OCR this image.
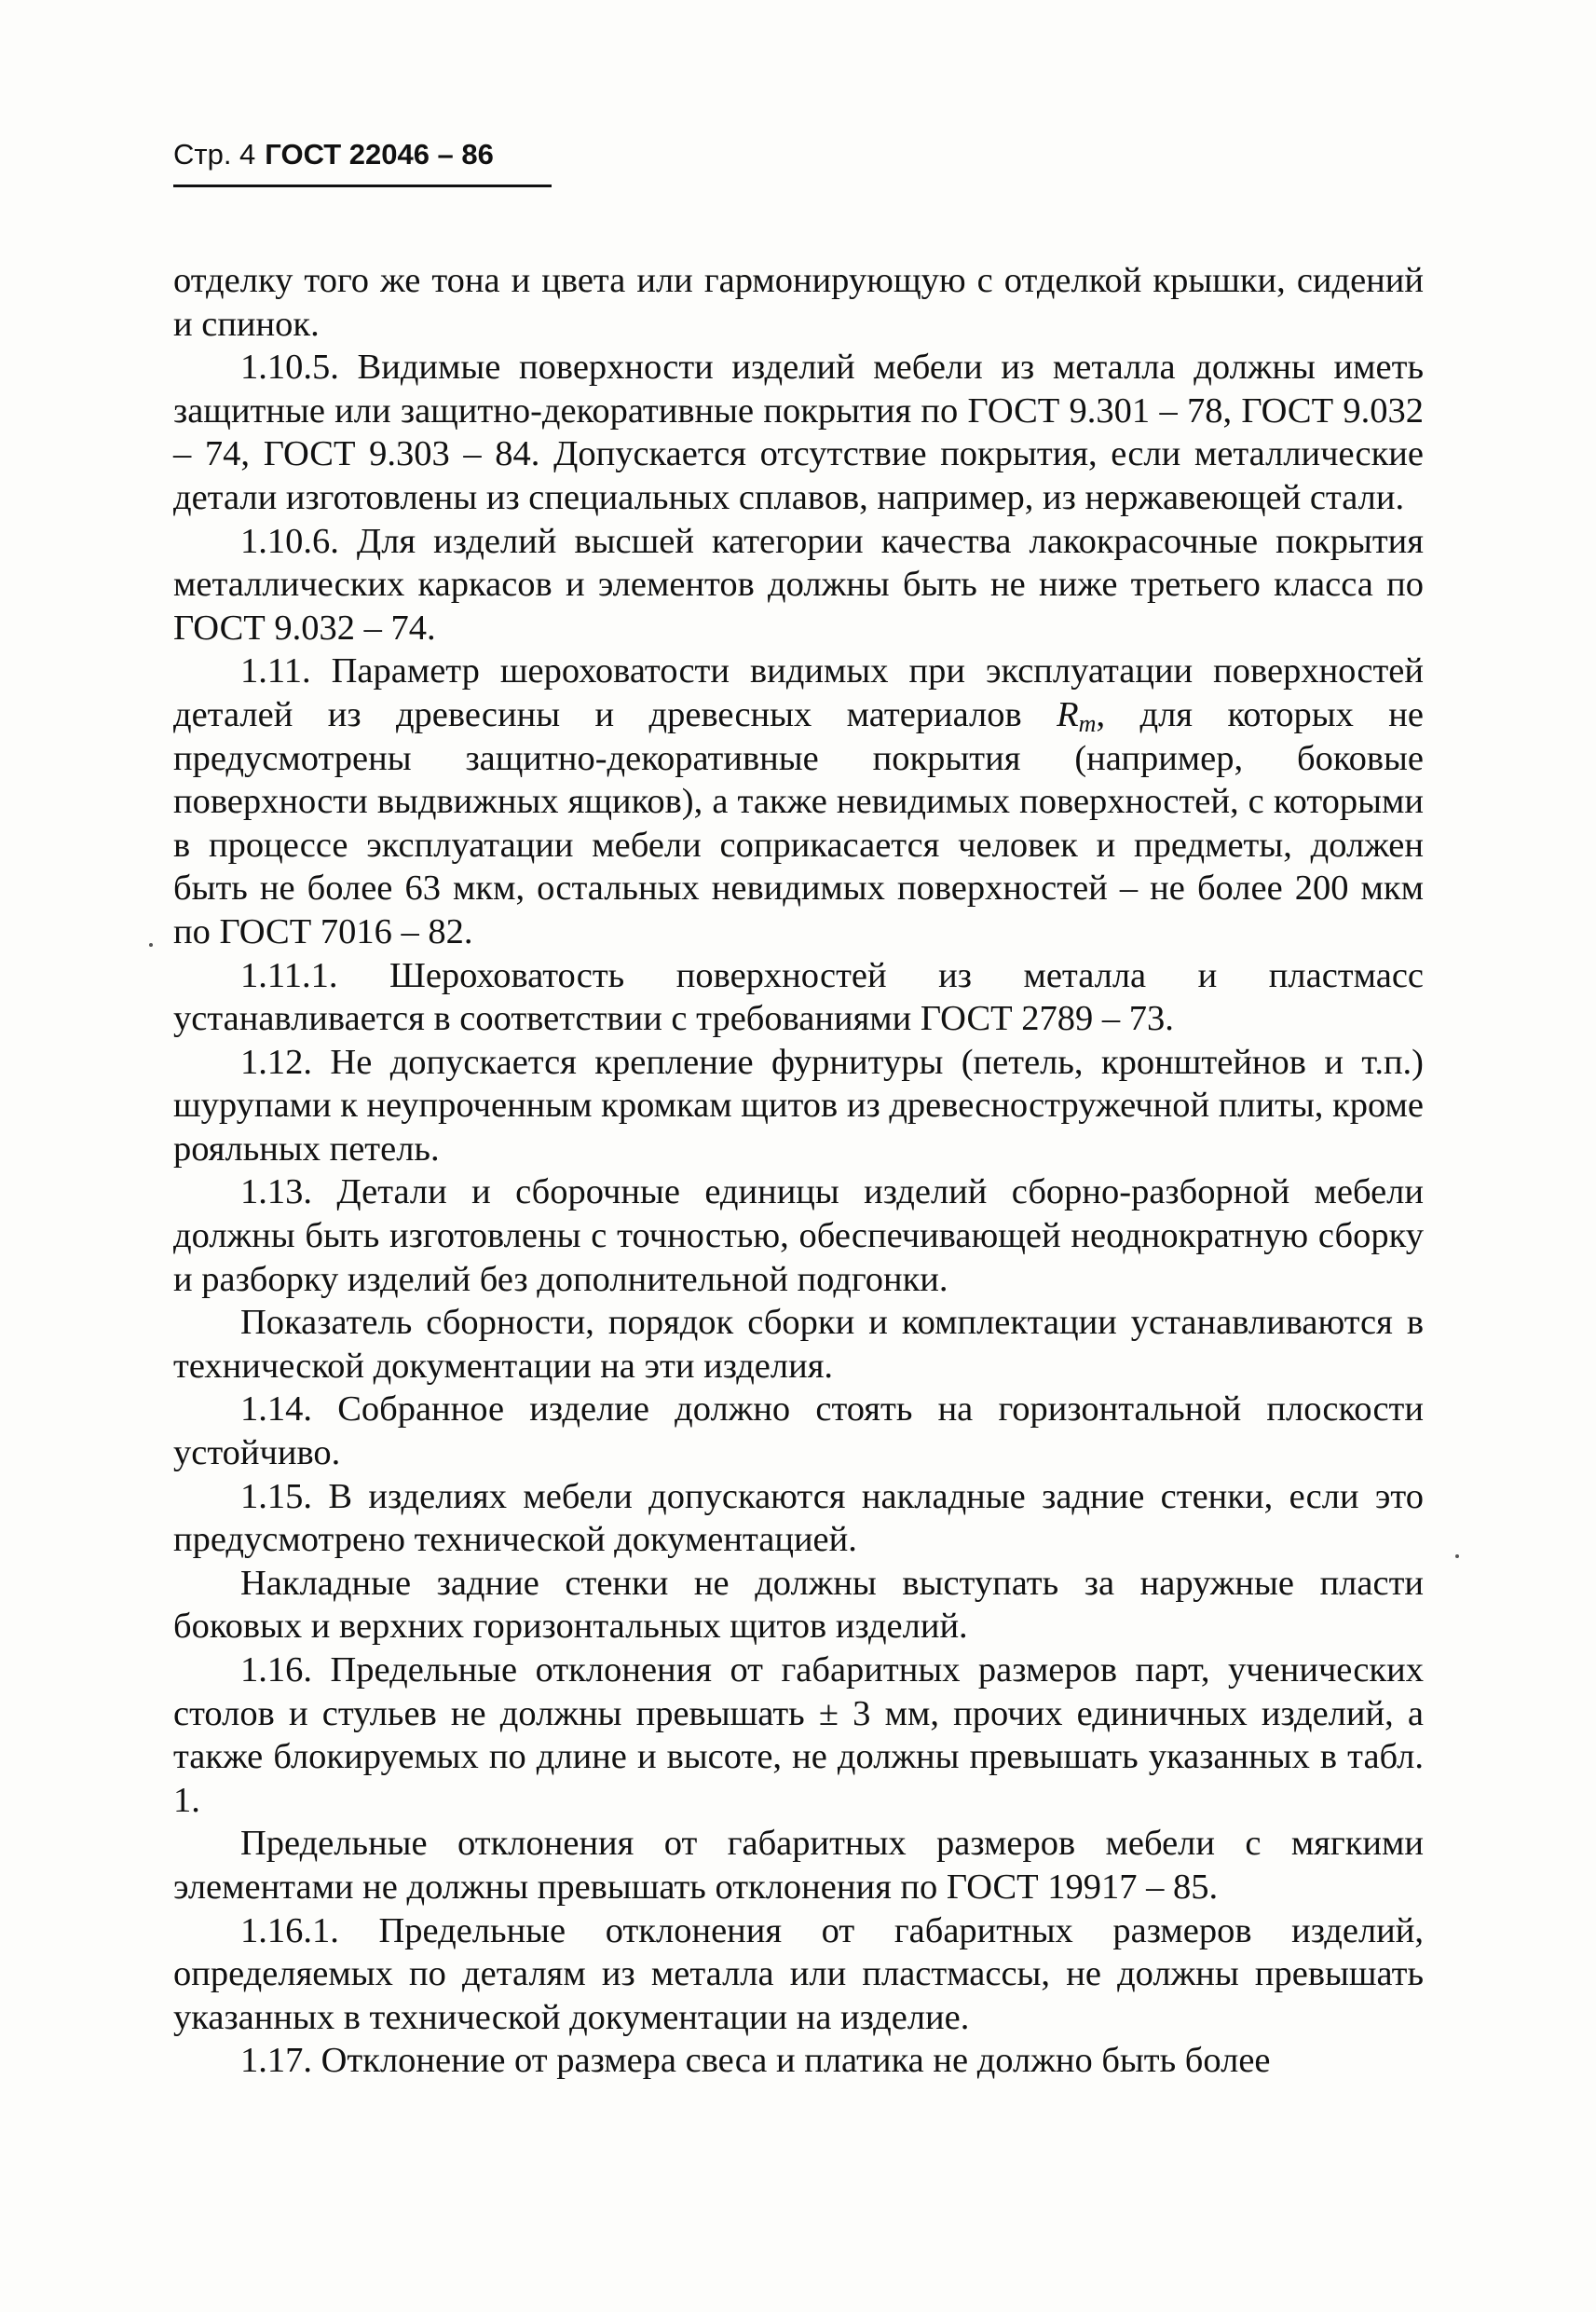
Стр. 4 ГОСТ 22046 – 86

отделку того же тона и цвета или гармонирующую с отделкой крышки, сидений и спинок.

1.10.5. Видимые поверхности изделий мебели из металла должны иметь защитные или защитно-декоративные покрытия по ГОСТ 9.301 – 78, ГОСТ 9.032 – 74, ГОСТ 9.303 – 84. Допускается отсутствие покрытия, если металлические детали изготовлены из специальных сплавов, например, из нержавеющей стали.

1.10.6. Для изделий высшей категории качества лакокрасочные покрытия металлических каркасов и элементов должны быть не ниже третьего класса по ГОСТ 9.032 – 74.

1.11. Параметр шероховатости видимых при эксплуатации поверхностей деталей из древесины и древесных материалов $R_m$, для которых не предусмотрены защитно-декоративные покрытия (например, боковые поверхности выдвижных ящиков), а также невидимых поверхностей, с которыми в процессе эксплуатации мебели соприкасается человек и предметы, должен быть не более 63 мкм, остальных невидимых поверхностей – не более 200 мкм по ГОСТ 7016 – 82.

1.11.1. Шероховатость поверхностей из металла и пластмасс устанавливается в соответствии с требованиями ГОСТ 2789 – 73.

1.12. Не допускается крепление фурнитуры (петель, кронштейнов и т.п.) шурупами к неупроченным кромкам щитов из древесностружечной плиты, кроме рояльных петель.

1.13. Детали и сборочные единицы изделий сборно-разборной мебели должны быть изготовлены с точностью, обеспечивающей неоднократную сборку и разборку изделий без дополнительной подгонки.

Показатель сборности, порядок сборки и комплектации устанавливаются в технической документации на эти изделия.

1.14. Собранное изделие должно стоять на горизонтальной плоскости устойчиво.

1.15. В изделиях мебели допускаются накладные задние стенки, если это предусмотрено технической документацией.

Накладные задние стенки не должны выступать за наружные пласти боковых и верхних горизонтальных щитов изделий.

1.16. Предельные отклонения от габаритных размеров парт, ученических столов и стульев не должны превышать ± 3 мм, прочих единичных изделий, а также блокируемых по длине и высоте, не должны превышать указанных в табл. 1.

Предельные отклонения от габаритных размеров мебели с мягкими элементами не должны превышать отклонения по ГОСТ 19917 – 85.

1.16.1. Предельные отклонения от габаритных размеров изделий, определяемых по деталям из металла или пластмассы, не должны превышать указанных в технической документации на изделие.

1.17. Отклонение от размера свеса и платика не должно быть более
